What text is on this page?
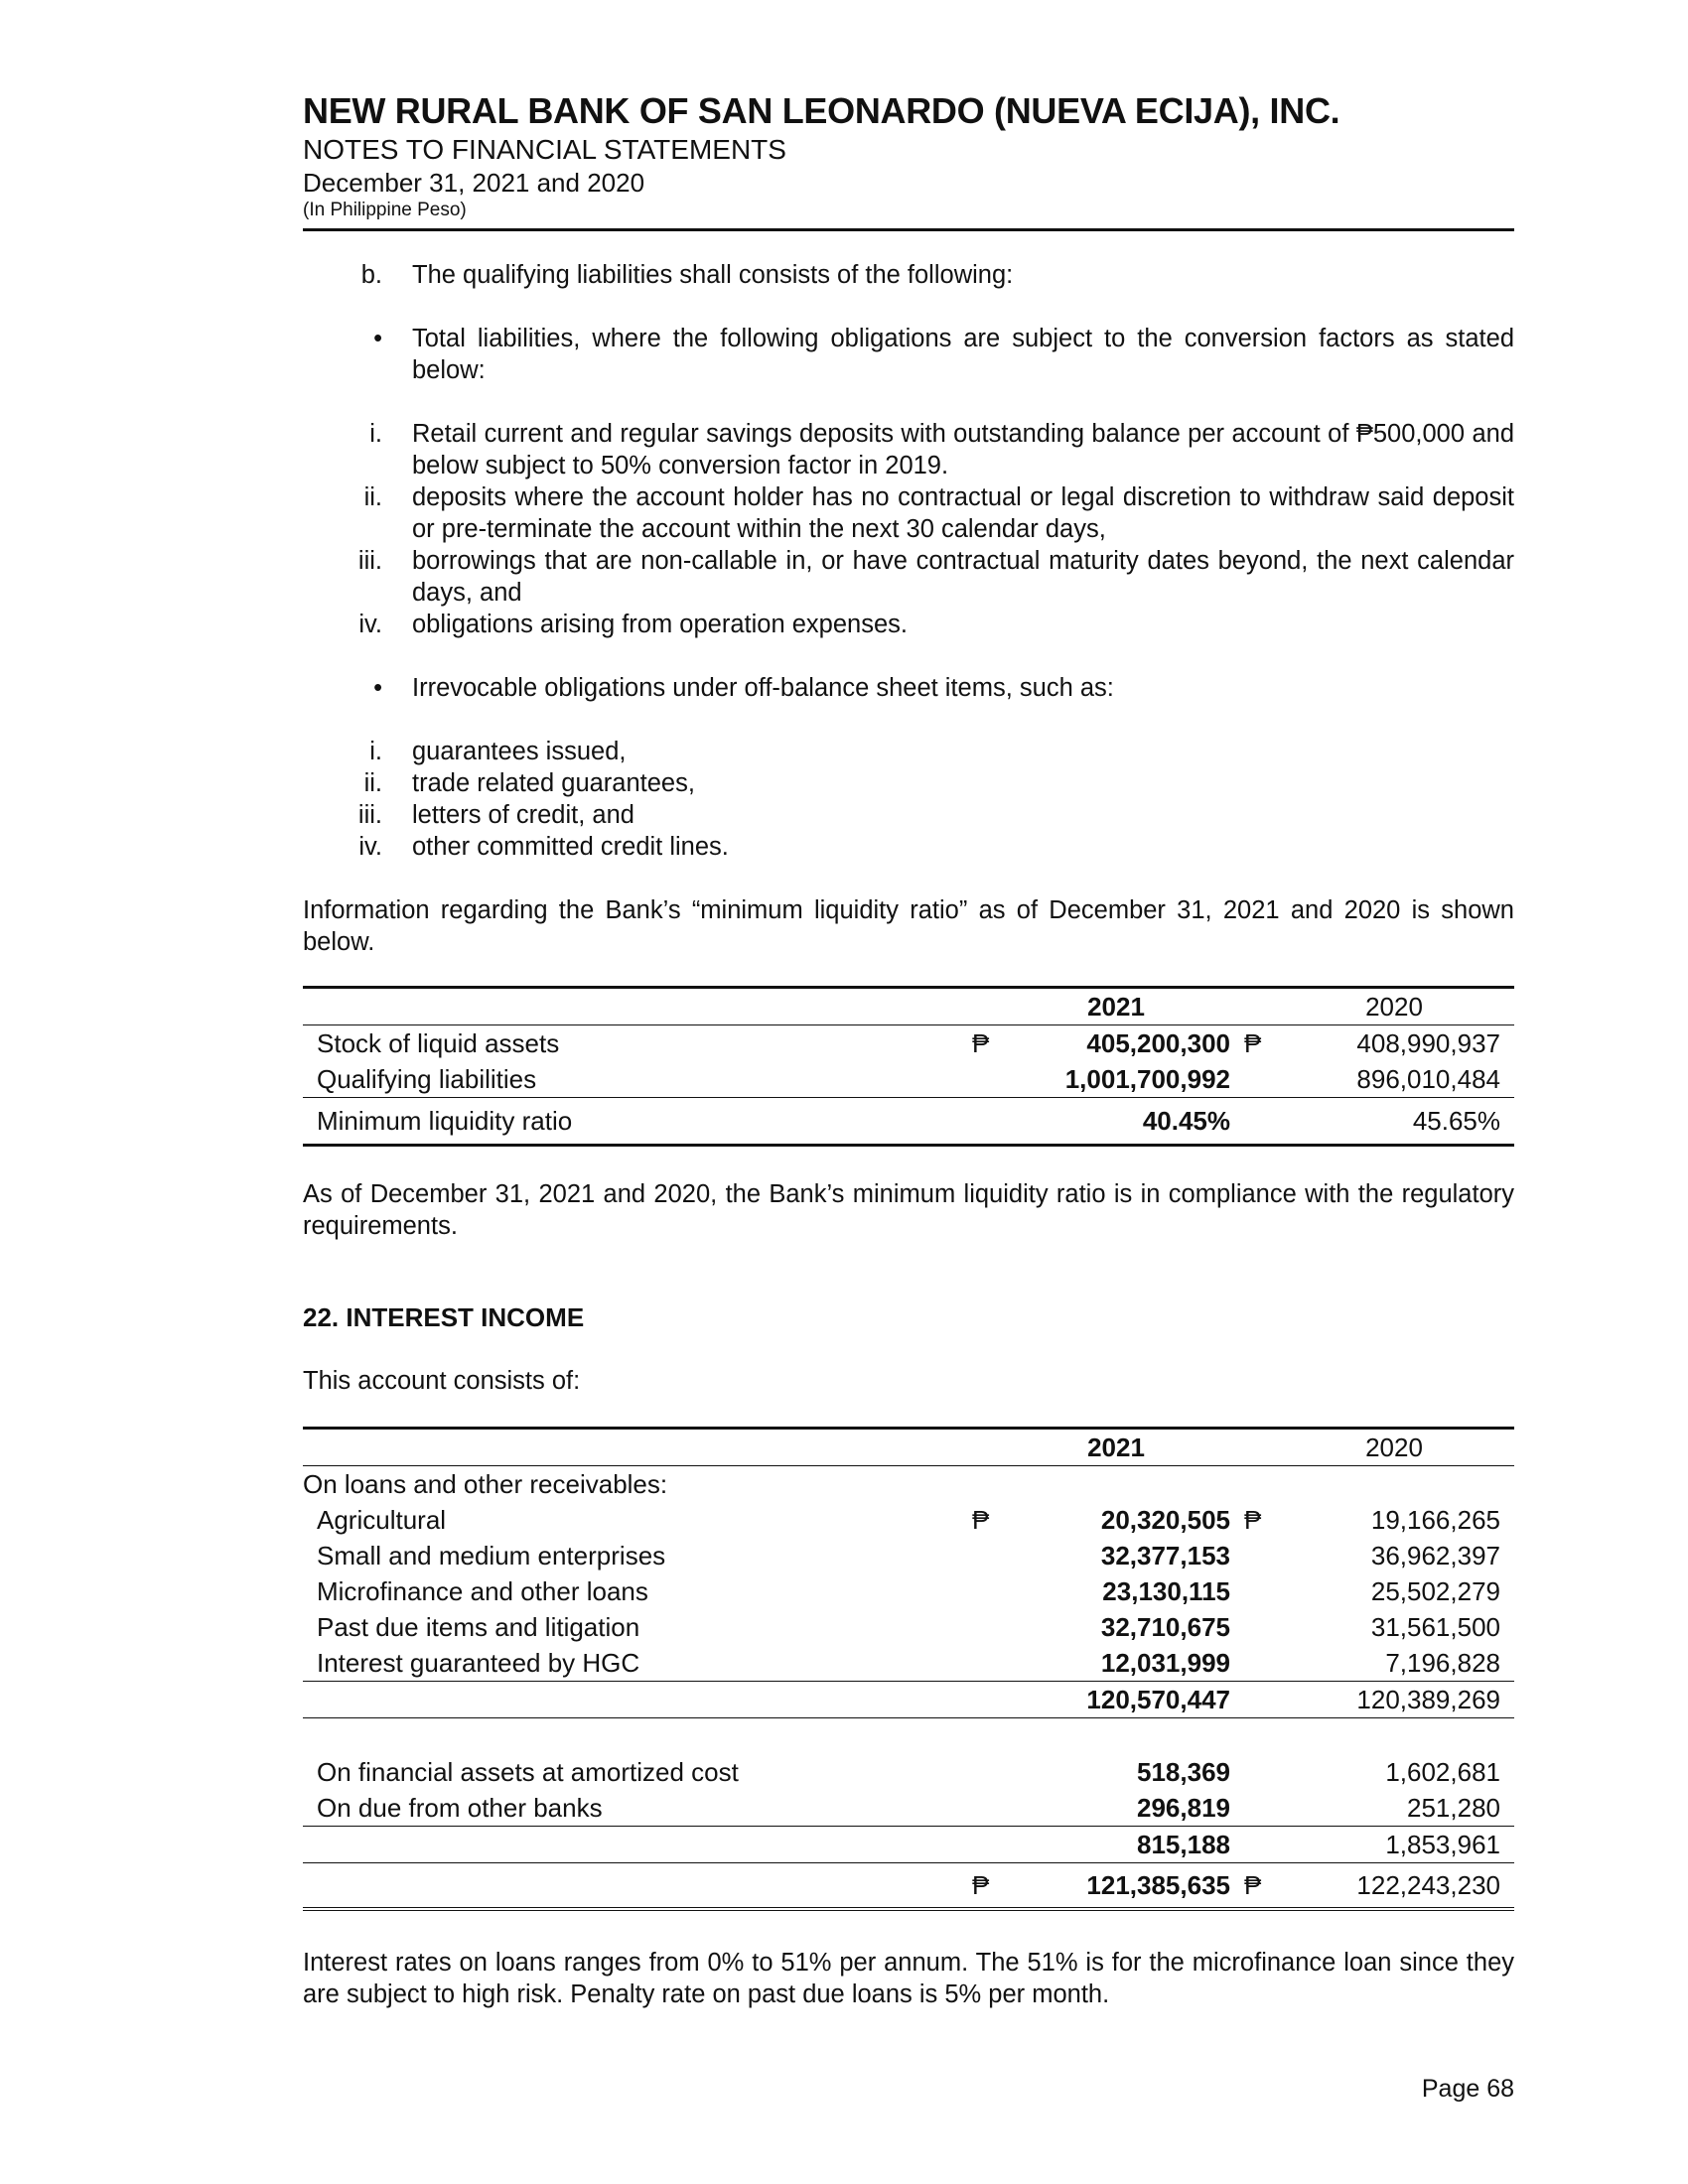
NEW RURAL BANK OF SAN LEONARDO (NUEVA ECIJA), INC.
NOTES TO FINANCIAL STATEMENTS
December 31, 2021 and 2020
(In Philippine Peso)
b. The qualifying liabilities shall consists of the following:
• Total liabilities, where the following obligations are subject to the conversion factors as stated below:
i. Retail current and regular savings deposits with outstanding balance per account of ₱500,000 and below subject to 50% conversion factor in 2019.
ii. deposits where the account holder has no contractual or legal discretion to withdraw said deposit or pre-terminate the account within the next 30 calendar days,
iii. borrowings that are non-callable in, or have contractual maturity dates beyond, the next calendar days, and
iv. obligations arising from operation expenses.
• Irrevocable obligations under off-balance sheet items, such as:
i. guarantees issued,
ii. trade related guarantees,
iii. letters of credit, and
iv. other committed credit lines.
Information regarding the Bank’s “minimum liquidity ratio” as of December 31, 2021 and 2020 is shown below.
		2021		2020
Stock of liquid assets	₱	405,200,300	₱	408,990,937
Qualifying liabilities		1,001,700,992		896,010,484
Minimum liquidity ratio		40.45%		45.65%
As of December 31, 2021 and 2020, the Bank’s minimum liquidity ratio is in compliance with the regulatory requirements.
22. INTEREST INCOME
This account consists of:
		2021		2020
On loans and other receivables:				
Agricultural	₱	20,320,505	₱	19,166,265
Small and medium enterprises		32,377,153		36,962,397
Microfinance and other loans		23,130,115		25,502,279
Past due items and litigation		32,710,675		31,561,500
Interest guaranteed by HGC		12,031,999		7,196,828
		120,570,447		120,389,269

On financial assets at amortized cost		518,369		1,602,681
On due from other banks		296,819		251,280
		815,188		1,853,961
	₱	121,385,635	₱	122,243,230
Interest rates on loans ranges from 0% to 51% per annum. The 51% is for the microfinance loan since they are subject to high risk. Penalty rate on past due loans is 5% per month.
Page 68
